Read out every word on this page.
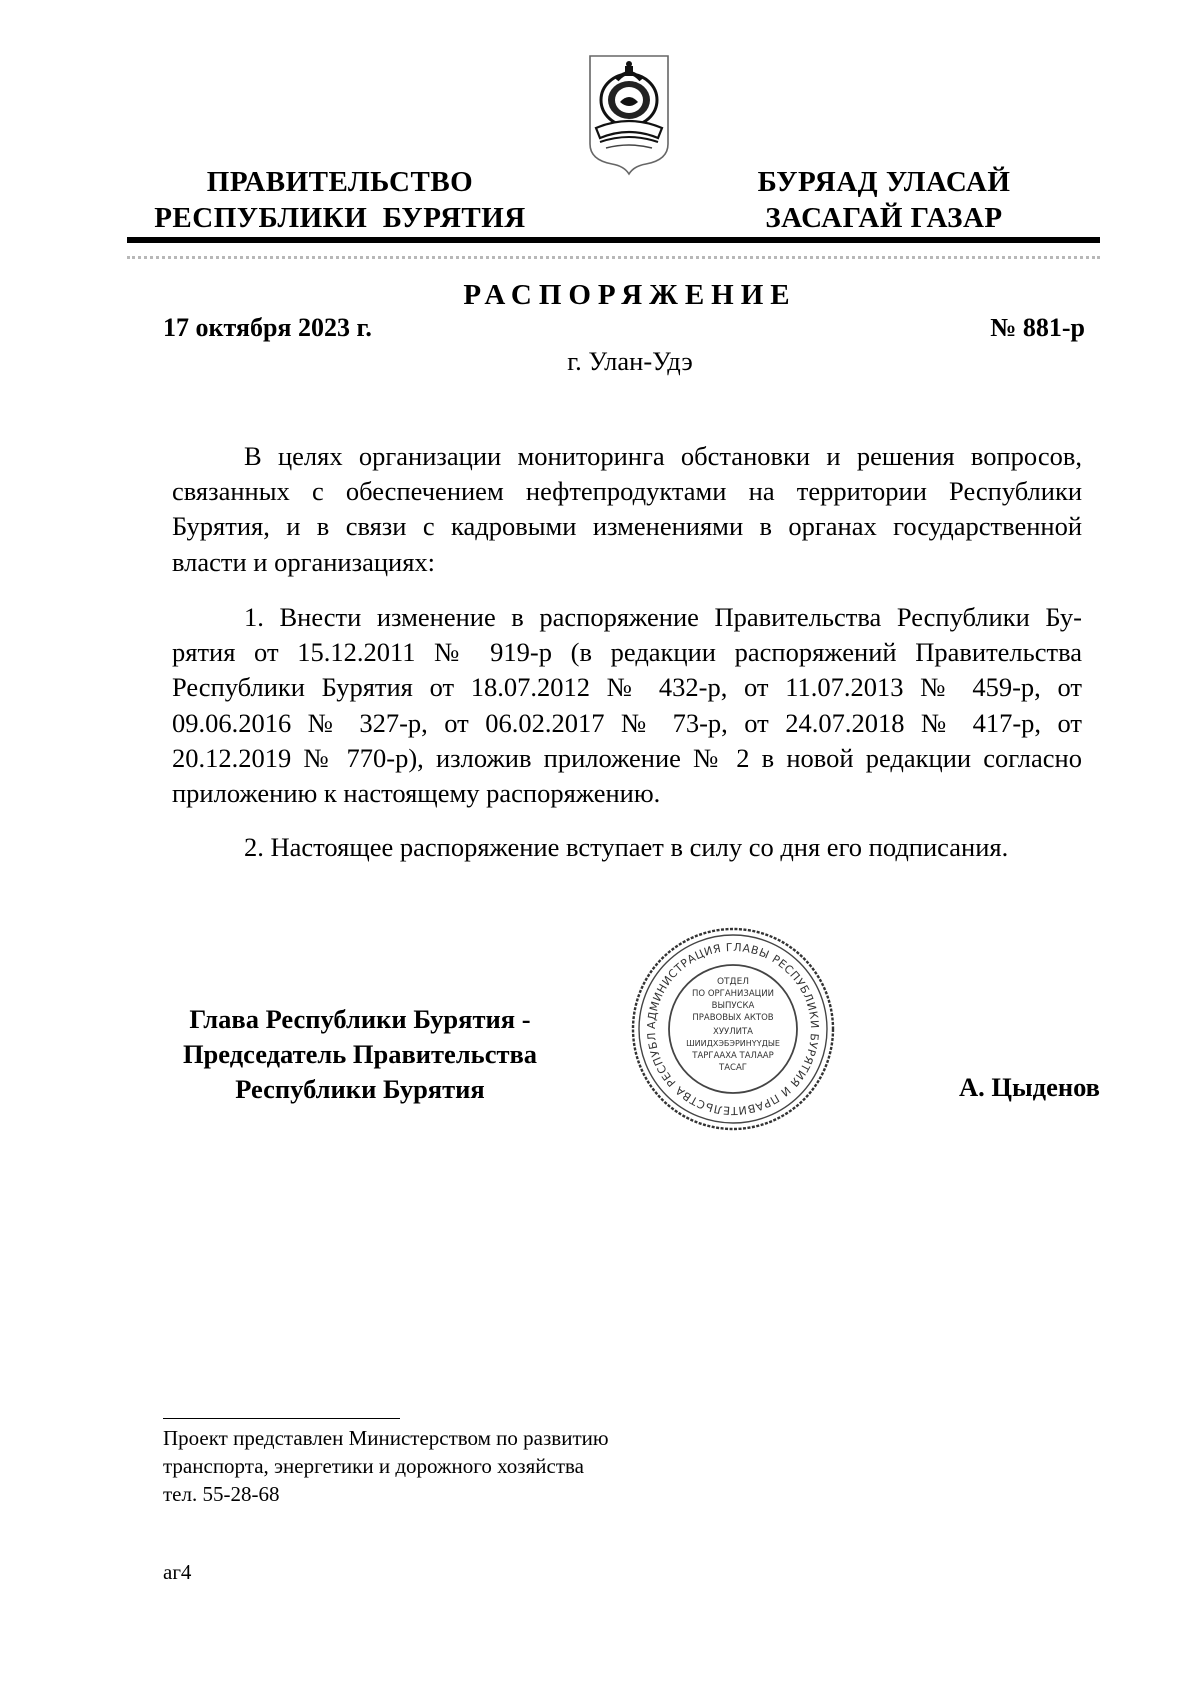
ПРАВИТЕЛЬСТВО
РЕСПУБЛИКИ  БУРЯТИЯ
БУРЯАД УЛАСАЙ
ЗАСАГАЙ ГАЗАР
РАСПОРЯЖЕНИЕ
17 октября 2023 г.	№ 881-р
г. Улан-Удэ
В целях организации мониторинга обстановки и решения вопросов,
связанных с обеспечением нефтепродуктами на территории Республики
Бурятия, и в связи с кадровыми изменениями в органах государственной
власти и организациях:
1. Внести изменение в распоряжение Правительства Республики Бу-
рятия от 15.12.2011 № 919-р (в редакции распоряжений Правительства
Республики Бурятия от 18.07.2012 № 432-р, от 11.07.2013 № 459-р, от
09.06.2016 № 327-р, от 06.02.2017 № 73-р, от 24.07.2018 № 417-р, от
20.12.2019 № 770-р), изложив приложение № 2 в новой редакции согласно
приложению к настоящему распоряжению.
2. Настоящее распоряжение вступает в силу со дня его подписания.
Глава Республики Бурятия -
Председатель Правительства
Республики Бурятия	А. Цыденов
АДМИНИСТРАЦИЯ ГЛАВЫ РЕСПУБЛИКИ БУРЯТИЯ И ПРАВИТЕЛЬСТВА РЕСПУБЛ
ОТДЕЛ
ПО ОРГАНИЗАЦИИ
ВЫПУСКА
ПРАВОВЫХ АКТОВ
ХУУЛИТА
ШИИДХЭБЭРИНҮҮДЫЕ
ТАРГААХА ТАЛААР
ТАСАГ
Проект представлен Министерством по развитию
транспорта, энергетики и дорожного хозяйства
тел. 55-28-68
аг4
